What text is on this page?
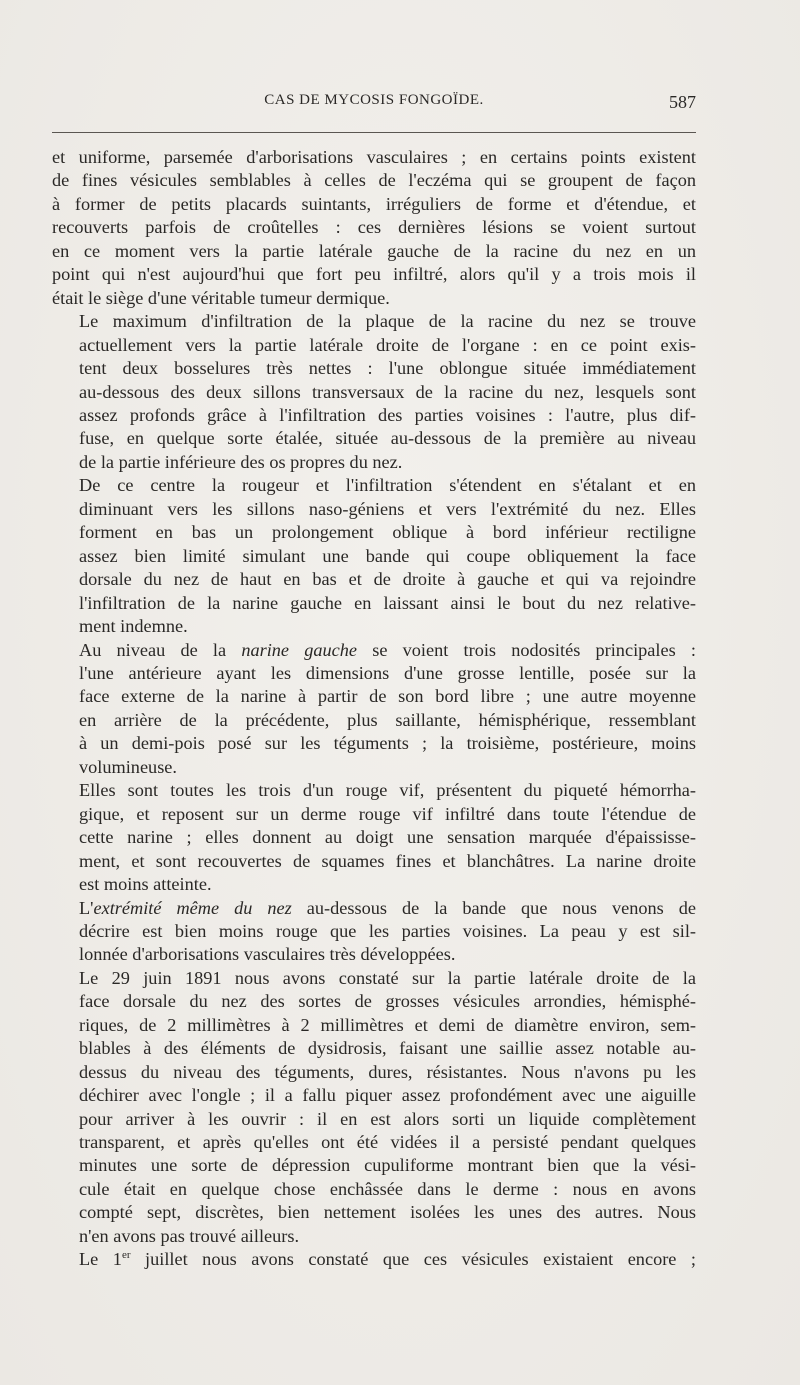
CAS DE MYCOSIS FONGOÏDE.	587

et uniforme, parsemée d'arborisations vasculaires ; en certains points existent
de fines vésicules semblables à celles de l'eczéma qui se groupent de façon
à former de petits placards suintants, irréguliers de forme et d'étendue, et
recouverts parfois de croûtelles : ces dernières lésions se voient surtout
en ce moment vers la partie latérale gauche de la racine du nez en un
point qui n'est aujourd'hui que fort peu infiltré, alors qu'il y a trois mois il
était le siège d'une véritable tumeur dermique.

Le maximum d'infiltration de la plaque de la racine du nez se trouve
actuellement vers la partie latérale droite de l'organe : en ce point exis-
tent deux bosselures très nettes : l'une oblongue située immédiatement
au-dessous des deux sillons transversaux de la racine du nez, lesquels sont
assez profonds grâce à l'infiltration des parties voisines : l'autre, plus dif-
fuse, en quelque sorte étalée, située au-dessous de la première au niveau
de la partie inférieure des os propres du nez.

De ce centre la rougeur et l'infiltration s'étendent en s'étalant et en
diminuant vers les sillons naso-géniens et vers l'extrémité du nez. Elles
forment en bas un prolongement oblique à bord inférieur rectiligne
assez bien limité simulant une bande qui coupe obliquement la face
dorsale du nez de haut en bas et de droite à gauche et qui va rejoindre
l'infiltration de la narine gauche en laissant ainsi le bout du nez relative-
ment indemne.

Au niveau de la narine gauche se voient trois nodosités principales :
l'une antérieure ayant les dimensions d'une grosse lentille, posée sur la
face externe de la narine à partir de son bord libre ; une autre moyenne
en arrière de la précédente, plus saillante, hémisphérique, ressemblant
à un demi-pois posé sur les téguments ; la troisième, postérieure, moins
volumineuse.

Elles sont toutes les trois d'un rouge vif, présentent du piqueté hémorrha-
gique, et reposent sur un derme rouge vif infiltré dans toute l'étendue de
cette narine ; elles donnent au doigt une sensation marquée d'épaississe-
ment, et sont recouvertes de squames fines et blanchâtres. La narine droite
est moins atteinte.

L'extrémité même du nez au-dessous de la bande que nous venons de
décrire est bien moins rouge que les parties voisines. La peau y est sil-
lonnée d'arborisations vasculaires très développées.

Le 29 juin 1891 nous avons constaté sur la partie latérale droite de la
face dorsale du nez des sortes de grosses vésicules arrondies, hémisphé-
riques, de 2 millimètres à 2 millimètres et demi de diamètre environ, sem-
blables à des éléments de dysidrosis, faisant une saillie assez notable au-
dessus du niveau des téguments, dures, résistantes. Nous n'avons pu les
déchirer avec l'ongle ; il a fallu piquer assez profondément avec une aiguille
pour arriver à les ouvrir : il en est alors sorti un liquide complètement
transparent, et après qu'elles ont été vidées il a persisté pendant quelques
minutes une sorte de dépression cupuliforme montrant bien que la vési-
cule était en quelque chose enchâssée dans le derme : nous en avons
compté sept, discrètes, bien nettement isolées les unes des autres. Nous
n'en avons pas trouvé ailleurs.

Le 1er juillet nous avons constaté que ces vésicules existaient encore ;
